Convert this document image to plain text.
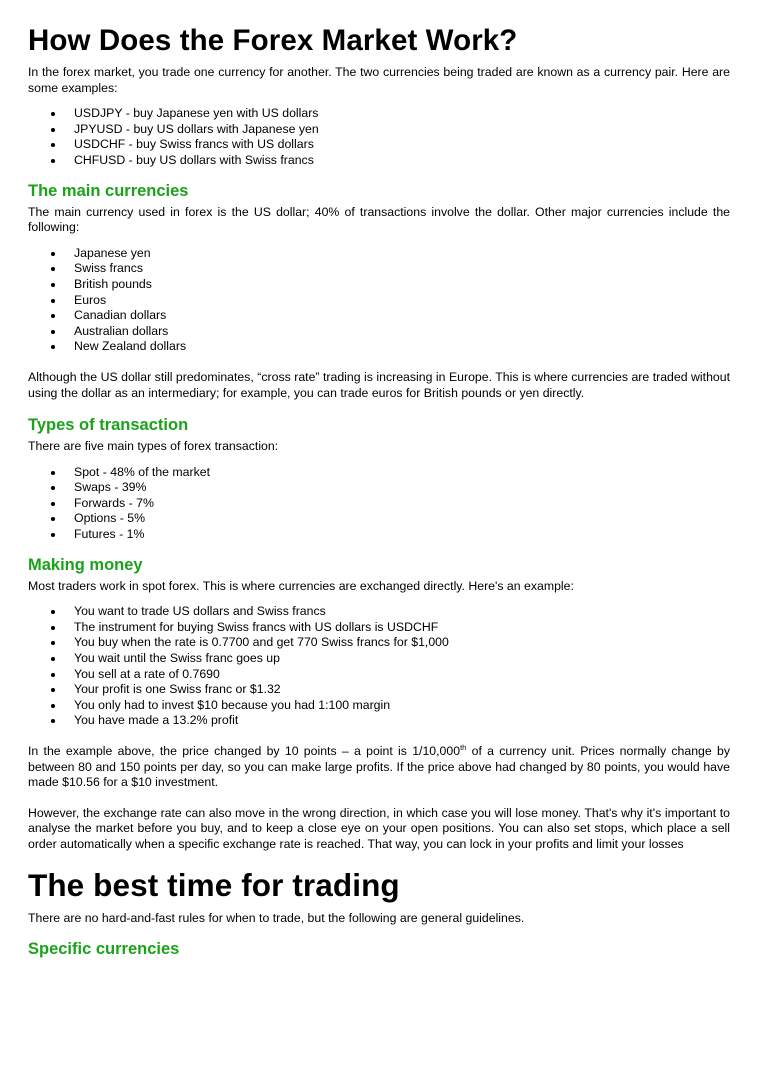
How Does the Forex Market Work?

In the forex market, you trade one currency for another. The two currencies being traded are known as a currency pair. Here are some examples:

USDJPY - buy Japanese yen with US dollars
JPYUSD - buy US dollars with Japanese yen
USDCHF - buy Swiss francs with US dollars
CHFUSD - buy US dollars with Swiss francs
The main currencies

The main currency used in forex is the US dollar; 40% of transactions involve the dollar. Other major currencies include the following:

Japanese yen
Swiss francs
British pounds
Euros
Canadian dollars
Australian dollars
New Zealand dollars

Although the US dollar still predominates, “cross rate” trading is increasing in Europe. This is where currencies are traded without using the dollar as an intermediary; for example, you can trade euros for British pounds or yen directly.

Types of transaction

There are five main types of forex transaction:

Spot - 48% of the market
Swaps - 39%
Forwards - 7%
Options - 5%
Futures - 1%
Making money

Most traders work in spot forex. This is where currencies are exchanged directly. Here's an example:

You want to trade US dollars and Swiss francs
The instrument for buying Swiss francs with US dollars is USDCHF
You buy when the rate is 0.7700 and get 770 Swiss francs for $1,000
You wait until the Swiss franc goes up
You sell at a rate of 0.7690
Your profit is one Swiss franc or $1.32
You only had to invest $10 because you had 1:100 margin
You have made a 13.2% profit

In the example above, the price changed by 10 points – a point is 1/10,000th of a currency unit. Prices normally change by between 80 and 150 points per day, so you can make large profits. If the price above had changed by 80 points, you would have made $10.56 for a $10 investment.

However, the exchange rate can also move in the wrong direction, in which case you will lose money. That's why it's important to analyse the market before you buy, and to keep a close eye on your open positions. You can also set stops, which place a sell order automatically when a specific exchange rate is reached. That way, you can lock in your profits and limit your losses

The best time for trading

There are no hard-and-fast rules for when to trade, but the following are general guidelines.

Specific currencies
